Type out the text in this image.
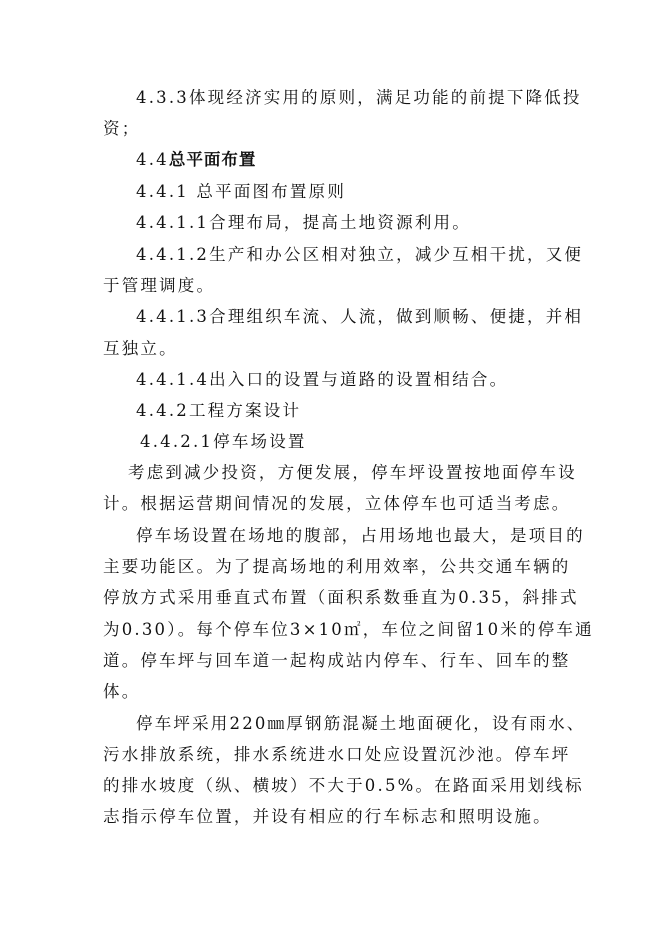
4.3.3体现经济实用的原则，满足功能的前提下降低投
资；
4.4总平面布置
4.4.1 总平面图布置原则
4.4.1.1合理布局，提高土地资源利用。
4.4.1.2生产和办公区相对独立，减少互相干扰，又便
于管理调度。
4.4.1.3合理组织车流、人流，做到顺畅、便捷，并相
互独立。
4.4.1.4出入口的设置与道路的设置相结合。
4.4.2工程方案设计
4.4.2.1停车场设置
考虑到减少投资，方便发展，停车坪设置按地面停车设
计。根据运营期间情况的发展，立体停车也可适当考虑。
停车场设置在场地的腹部，占用场地也最大，是项目的
主要功能区。为了提高场地的利用效率，公共交通车辆的
停放方式采用垂直式布置（面积系数垂直为0.35，斜排式
为0.30）。每个停车位3×10㎡，车位之间留10米的停车通
道。停车坪与回车道一起构成站内停车、行车、回车的整
体。
停车坪采用220㎜厚钢筋混凝土地面硬化，设有雨水、
污水排放系统，排水系统进水口处应设置沉沙池。停车坪
的排水坡度（纵、横坡）不大于0.5%。在路面采用划线标
志指示停车位置，并设有相应的行车标志和照明设施。
